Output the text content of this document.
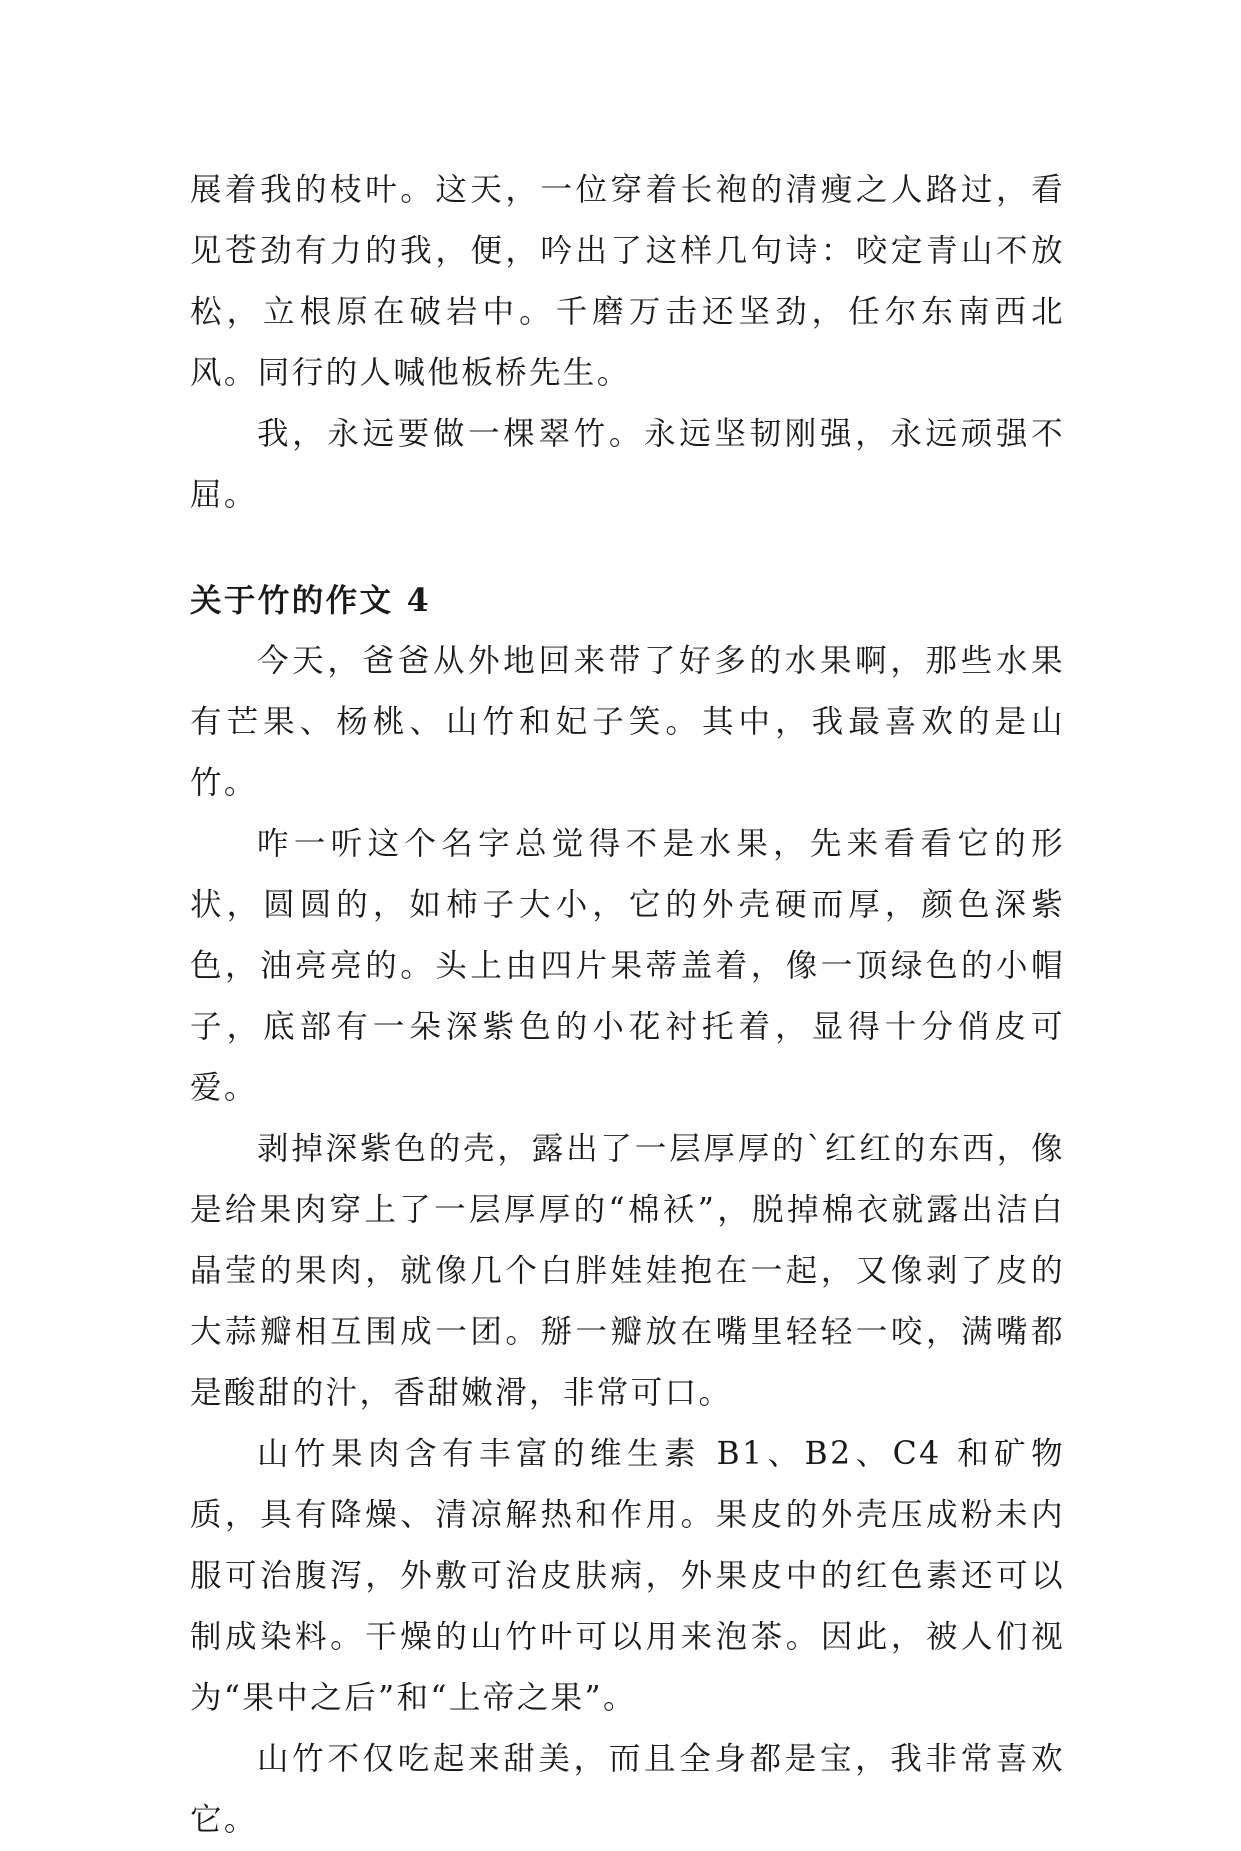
展着我的枝叶。这天，一位穿着长袍的清瘦之人路过，看见苍劲有力的我，便，吟出了这样几句诗：咬定青山不放松，立根原在破岩中。千磨万击还坚劲，任尔东南西北风。同行的人喊他板桥先生。

我，永远要做一棵翠竹。永远坚韧刚强，永远顽强不屈。

关于竹的作文 4

今天，爸爸从外地回来带了好多的水果啊，那些水果有芒果、杨桃、山竹和妃子笑。其中，我最喜欢的是山竹。

咋一听这个名字总觉得不是水果，先来看看它的形状，圆圆的，如柿子大小，它的外壳硬而厚，颜色深紫色，油亮亮的。头上由四片果蒂盖着，像一顶绿色的小帽子，底部有一朵深紫色的小花衬托着，显得十分俏皮可爱。

剥掉深紫色的壳，露出了一层厚厚的`红红的东西，像是给果肉穿上了一层厚厚的“棉袄”，脱掉棉衣就露出洁白晶莹的果肉，就像几个白胖娃娃抱在一起，又像剥了皮的大蒜瓣相互围成一团。掰一瓣放在嘴里轻轻一咬，满嘴都是酸甜的汁，香甜嫩滑，非常可口。

山竹果肉含有丰富的维生素 B1、B2、C4 和矿物质，具有降燥、清凉解热和作用。果皮的外壳压成粉未内服可治腹泻，外敷可治皮肤病，外果皮中的红色素还可以制成染料。干燥的山竹叶可以用来泡茶。因此，被人们视为“果中之后”和“上帝之果”。

山竹不仅吃起来甜美，而且全身都是宝，我非常喜欢它。
